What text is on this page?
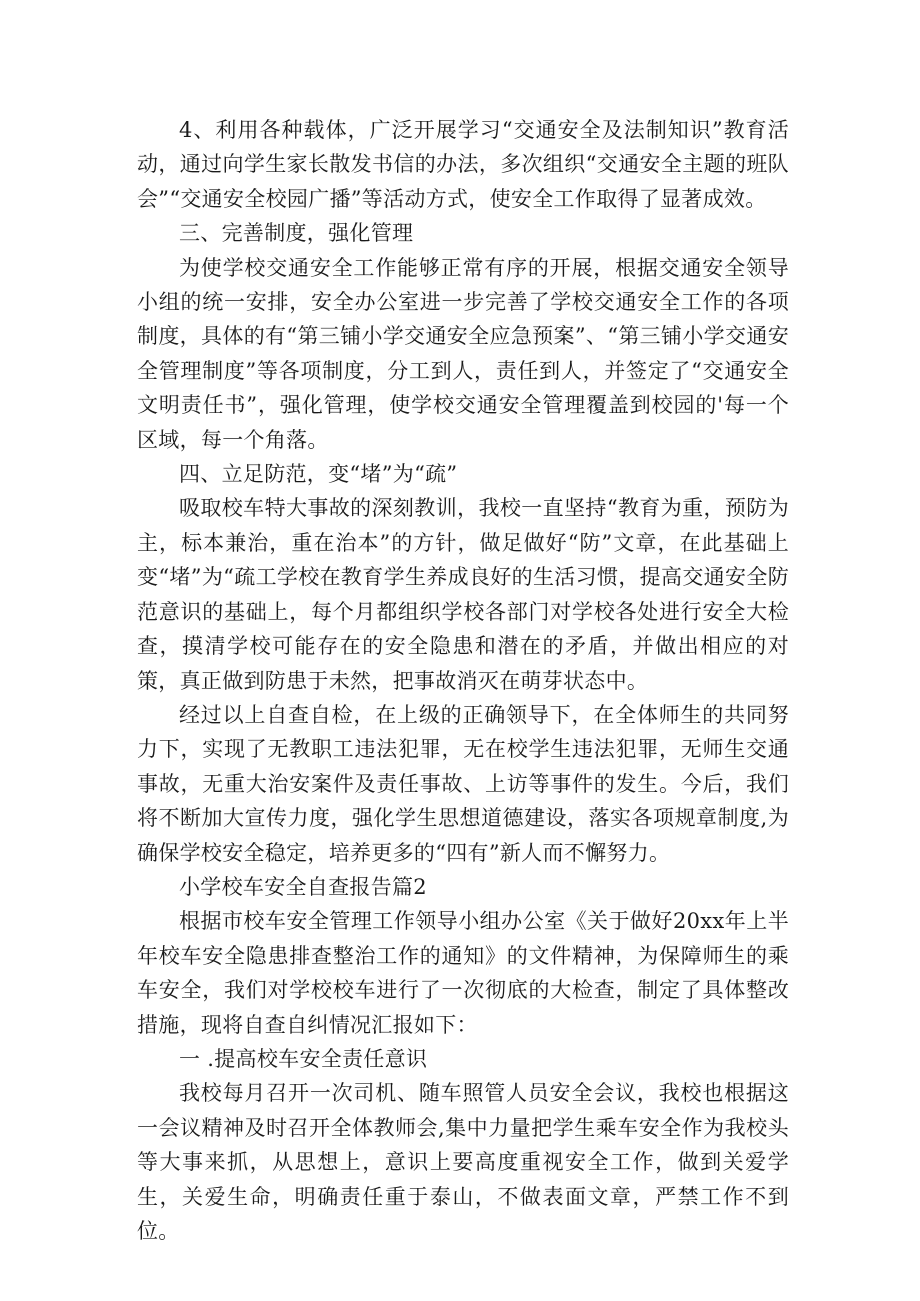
4、利用各种载体，广泛开展学习“交通安全及法制知识”教育活动，通过向学生家长散发书信的办法，多次组织“交通安全主题的班队会”“交通安全校园广播”等活动方式，使安全工作取得了显著成效。

三、完善制度，强化管理

为使学校交通安全工作能够正常有序的开展，根据交通安全领导小组的统一安排，安全办公室进一步完善了学校交通安全工作的各项制度，具体的有“第三铺小学交通安全应急预案”、“第三铺小学交通安全管理制度”等各项制度，分工到人，责任到人，并签定了“交通安全文明责任书”，强化管理，使学校交通安全管理覆盖到校园的'每一个区域，每一个角落。

四、立足防范，变“堵”为“疏”

吸取校车特大事故的深刻教训，我校一直坚持“教育为重，预防为主，标本兼治，重在治本”的方针，做足做好“防”文章，在此基础上变“堵”为“疏工学校在教育学生养成良好的生活习惯，提高交通安全防范意识的基础上，每个月都组织学校各部门对学校各处进行安全大检查，摸清学校可能存在的安全隐患和潜在的矛盾，并做出相应的对策，真正做到防患于未然，把事故消灭在萌芽状态中。

经过以上自查自检，在上级的正确领导下，在全体师生的共同努力下，实现了无教职工违法犯罪，无在校学生违法犯罪，无师生交通事故，无重大治安案件及责任事故、上访等事件的发生。今后，我们将不断加大宣传力度，强化学生思想道德建设，落实各项规章制度,为确保学校安全稳定，培养更多的“四有”新人而不懈努力。

小学校车安全自查报告篇2

根据市校车安全管理工作领导小组办公室《关于做好20xx年上半年校车安全隐患排查整治工作的通知》的文件精神，为保障师生的乘车安全，我们对学校校车进行了一次彻底的大检查，制定了具体整改措施，现将自查自纠情况汇报如下：

一 .提高校车安全责任意识

我校每月召开一次司机、随车照管人员安全会议，我校也根据这一会议精神及时召开全体教师会,集中力量把学生乘车安全作为我校头等大事来抓，从思想上，意识上要高度重视安全工作，做到关爱学生，关爱生命，明确责任重于泰山，不做表面文章，严禁工作不到位。
